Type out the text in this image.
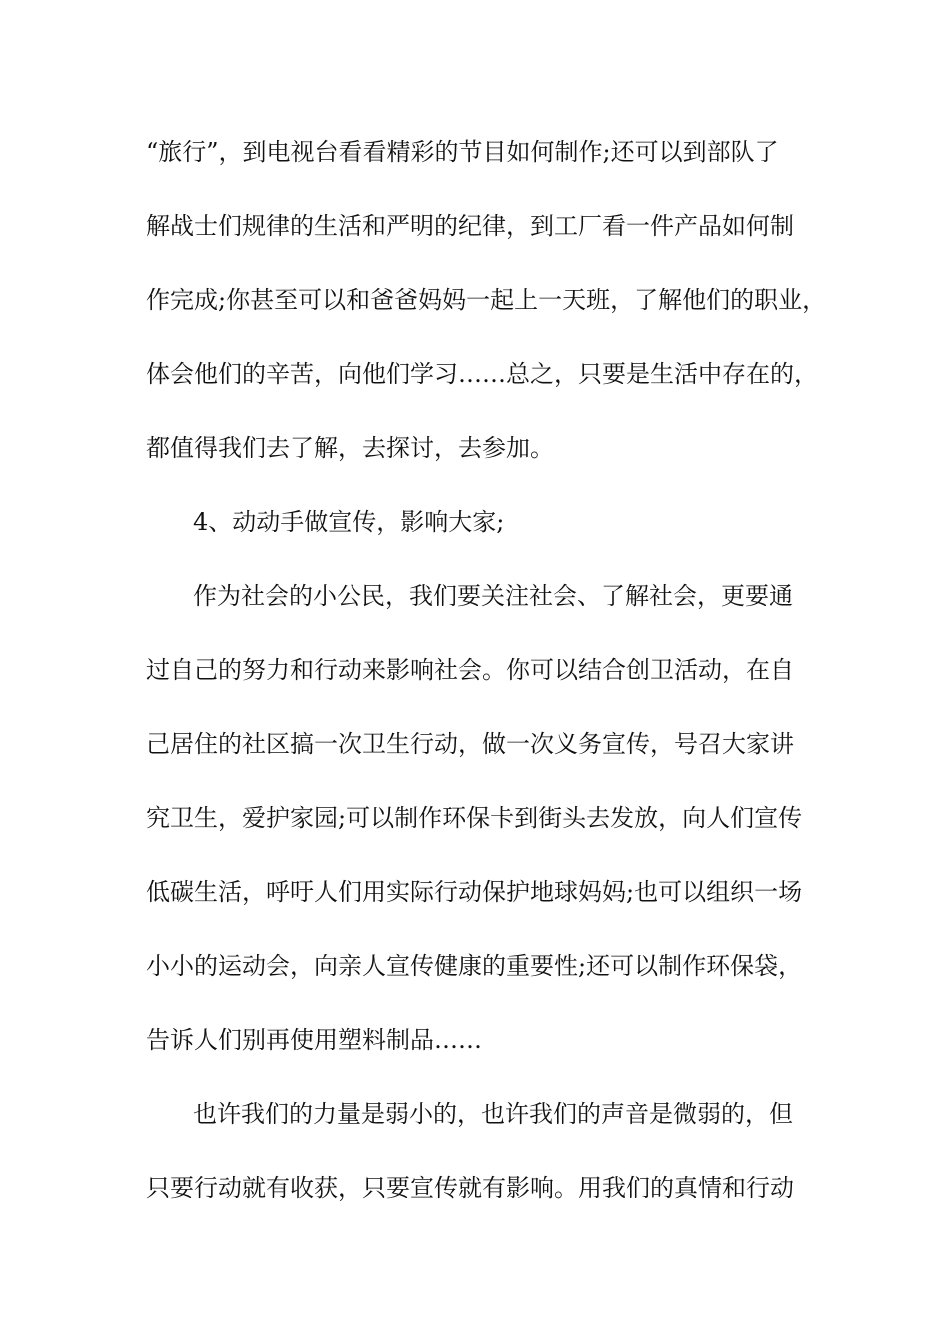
“旅行”，到电视台看看精彩的节目如何制作;还可以到部队了
解战士们规律的生活和严明的纪律，到工厂看一件产品如何制
作完成;你甚至可以和爸爸妈妈一起上一天班，了解他们的职业，
体会他们的辛苦，向他们学习……总之，只要是生活中存在的，
都值得我们去了解，去探讨，去参加。
4、动动手做宣传，影响大家;
作为社会的小公民，我们要关注社会、了解社会，更要通
过自己的努力和行动来影响社会。你可以结合创卫活动，在自
己居住的社区搞一次卫生行动，做一次义务宣传，号召大家讲
究卫生，爱护家园;可以制作环保卡到街头去发放，向人们宣传
低碳生活，呼吁人们用实际行动保护地球妈妈;也可以组织一场
小小的运动会，向亲人宣传健康的重要性;还可以制作环保袋，
告诉人们别再使用塑料制品……
也许我们的力量是弱小的，也许我们的声音是微弱的，但
只要行动就有收获，只要宣传就有影响。用我们的真情和行动
